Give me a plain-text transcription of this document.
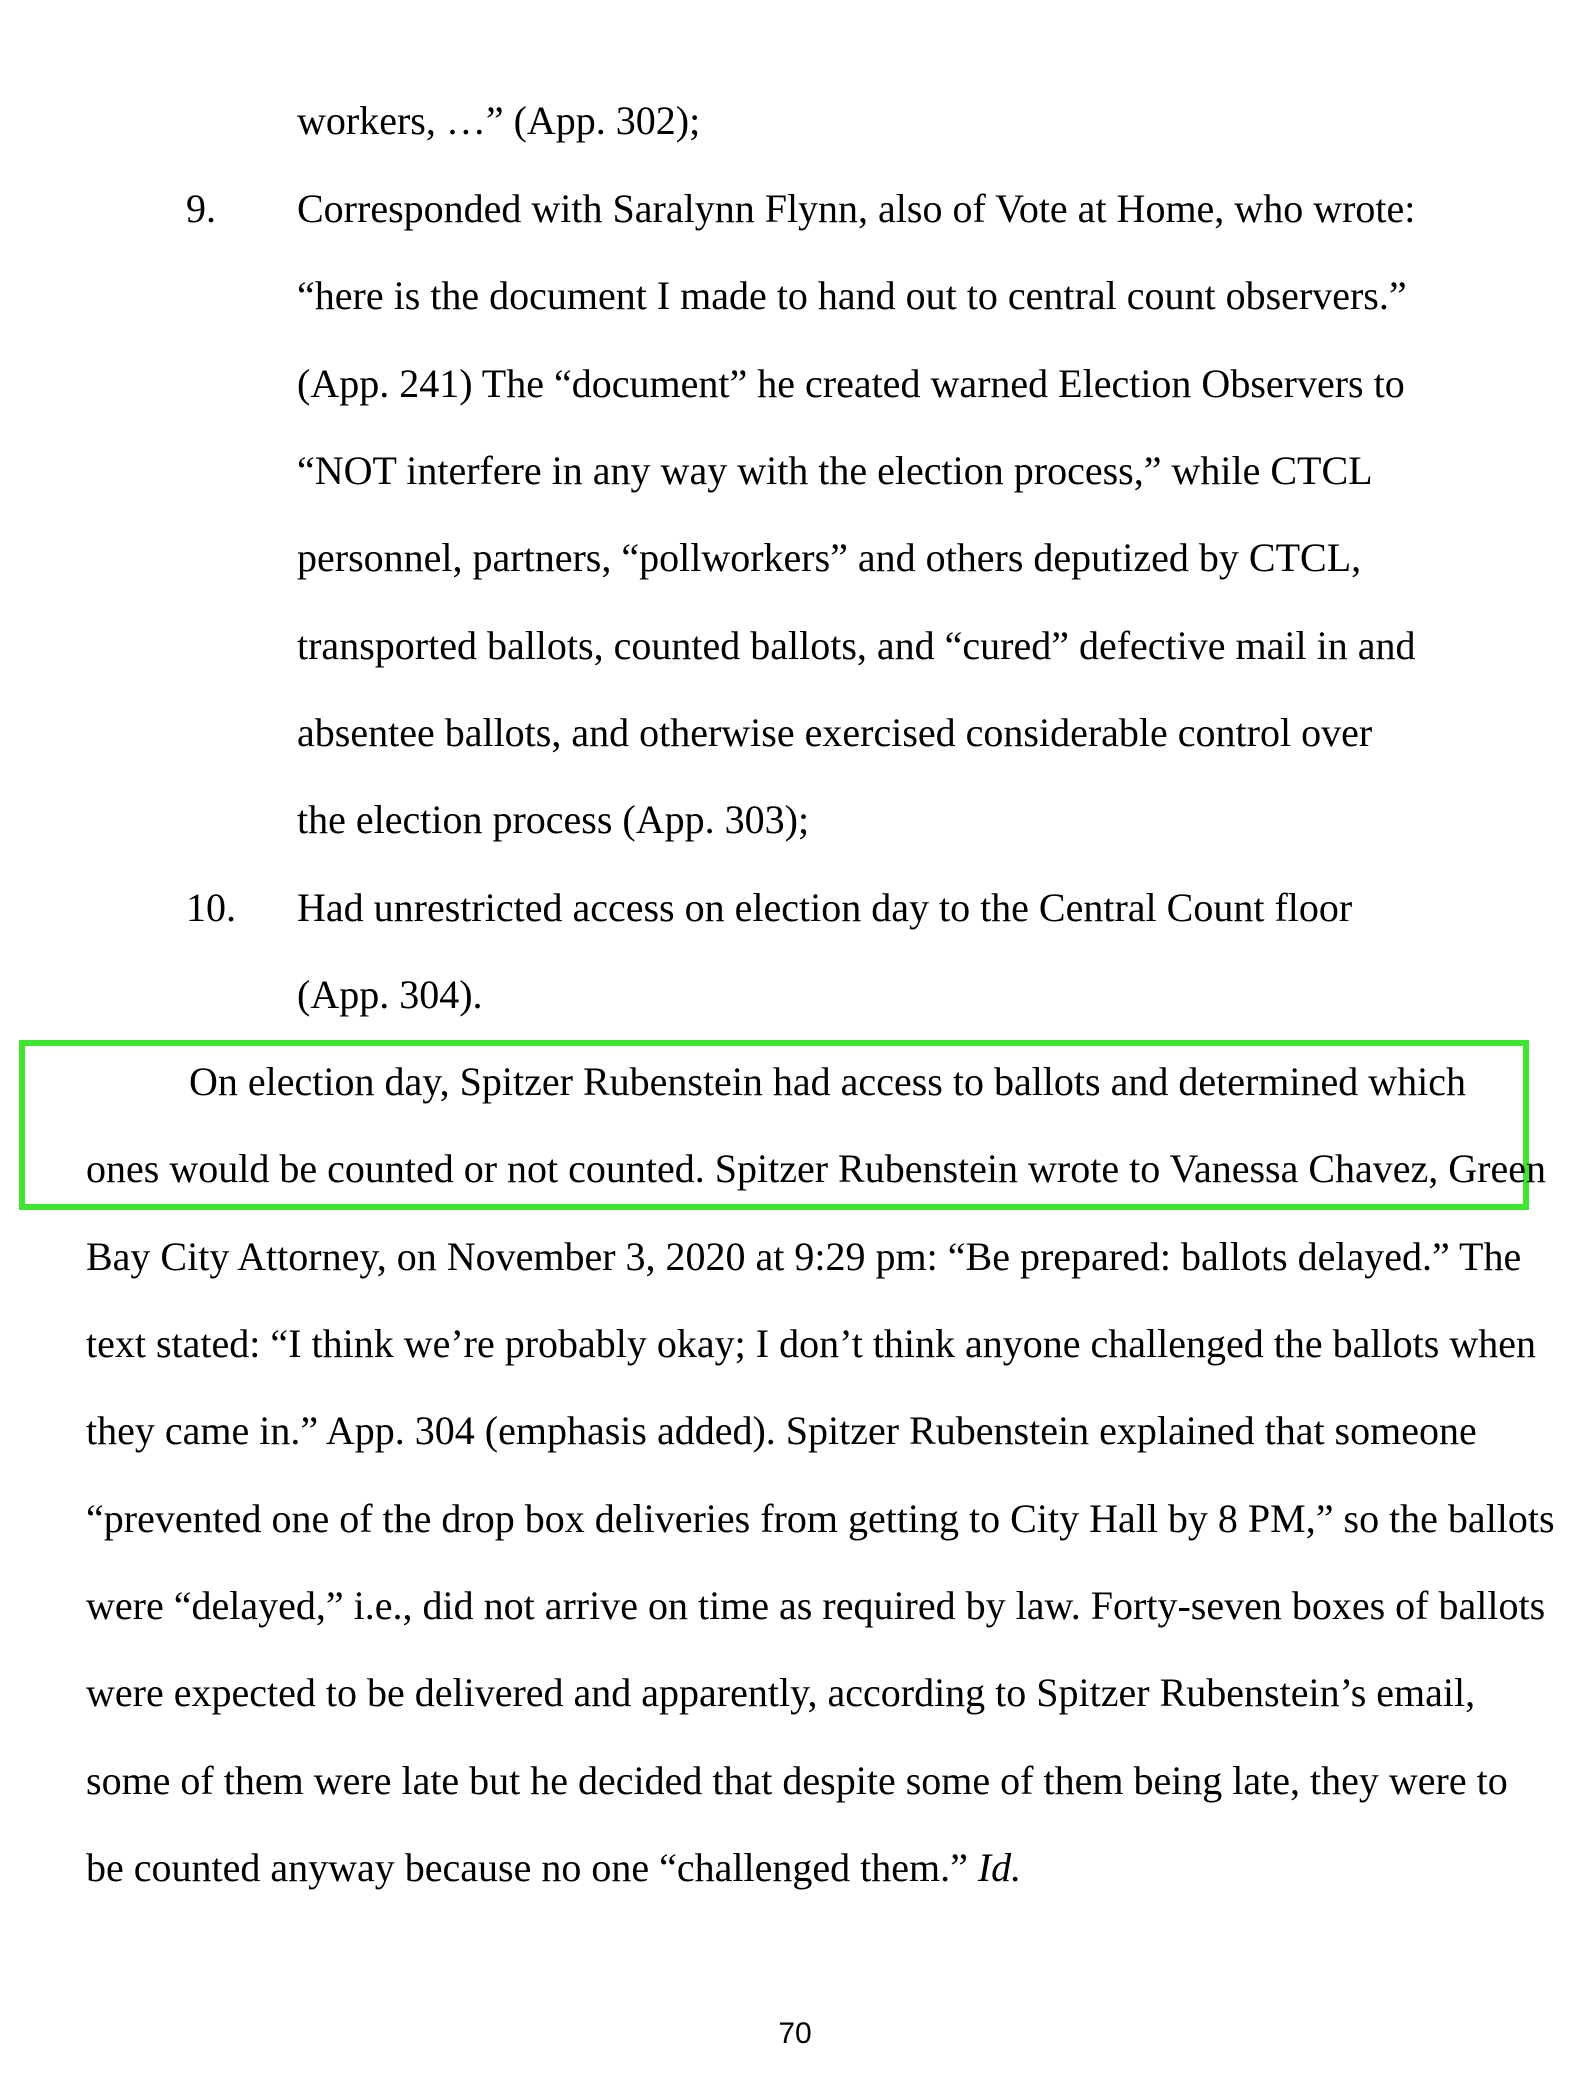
workers, …” (App. 302);
9. Corresponded with Saralynn Flynn, also of Vote at Home, who wrote:
“here is the document I made to hand out to central count observers.”
(App. 241) The “document” he created warned Election Observers to
“NOT interfere in any way with the election process,” while CTCL
personnel, partners, “pollworkers” and others deputized by CTCL,
transported ballots, counted ballots, and “cured” defective mail in and
absentee ballots, and otherwise exercised considerable control over
the election process (App. 303);
10. Had unrestricted access on election day to the Central Count floor
(App. 304).
On election day, Spitzer Rubenstein had access to ballots and determined which
ones would be counted or not counted. Spitzer Rubenstein wrote to Vanessa Chavez, Green
Bay City Attorney, on November 3, 2020 at 9:29 pm: “Be prepared: ballots delayed.” The
text stated: “I think we’re probably okay; I don’t think anyone challenged the ballots when
they came in.” App. 304 (emphasis added). Spitzer Rubenstein explained that someone
“prevented one of the drop box deliveries from getting to City Hall by 8 PM,” so the ballots
were “delayed,” i.e., did not arrive on time as required by law. Forty-seven boxes of ballots
were expected to be delivered and apparently, according to Spitzer Rubenstein’s email,
some of them were late but he decided that despite some of them being late, they were to
be counted anyway because no one “challenged them.” Id.
70
